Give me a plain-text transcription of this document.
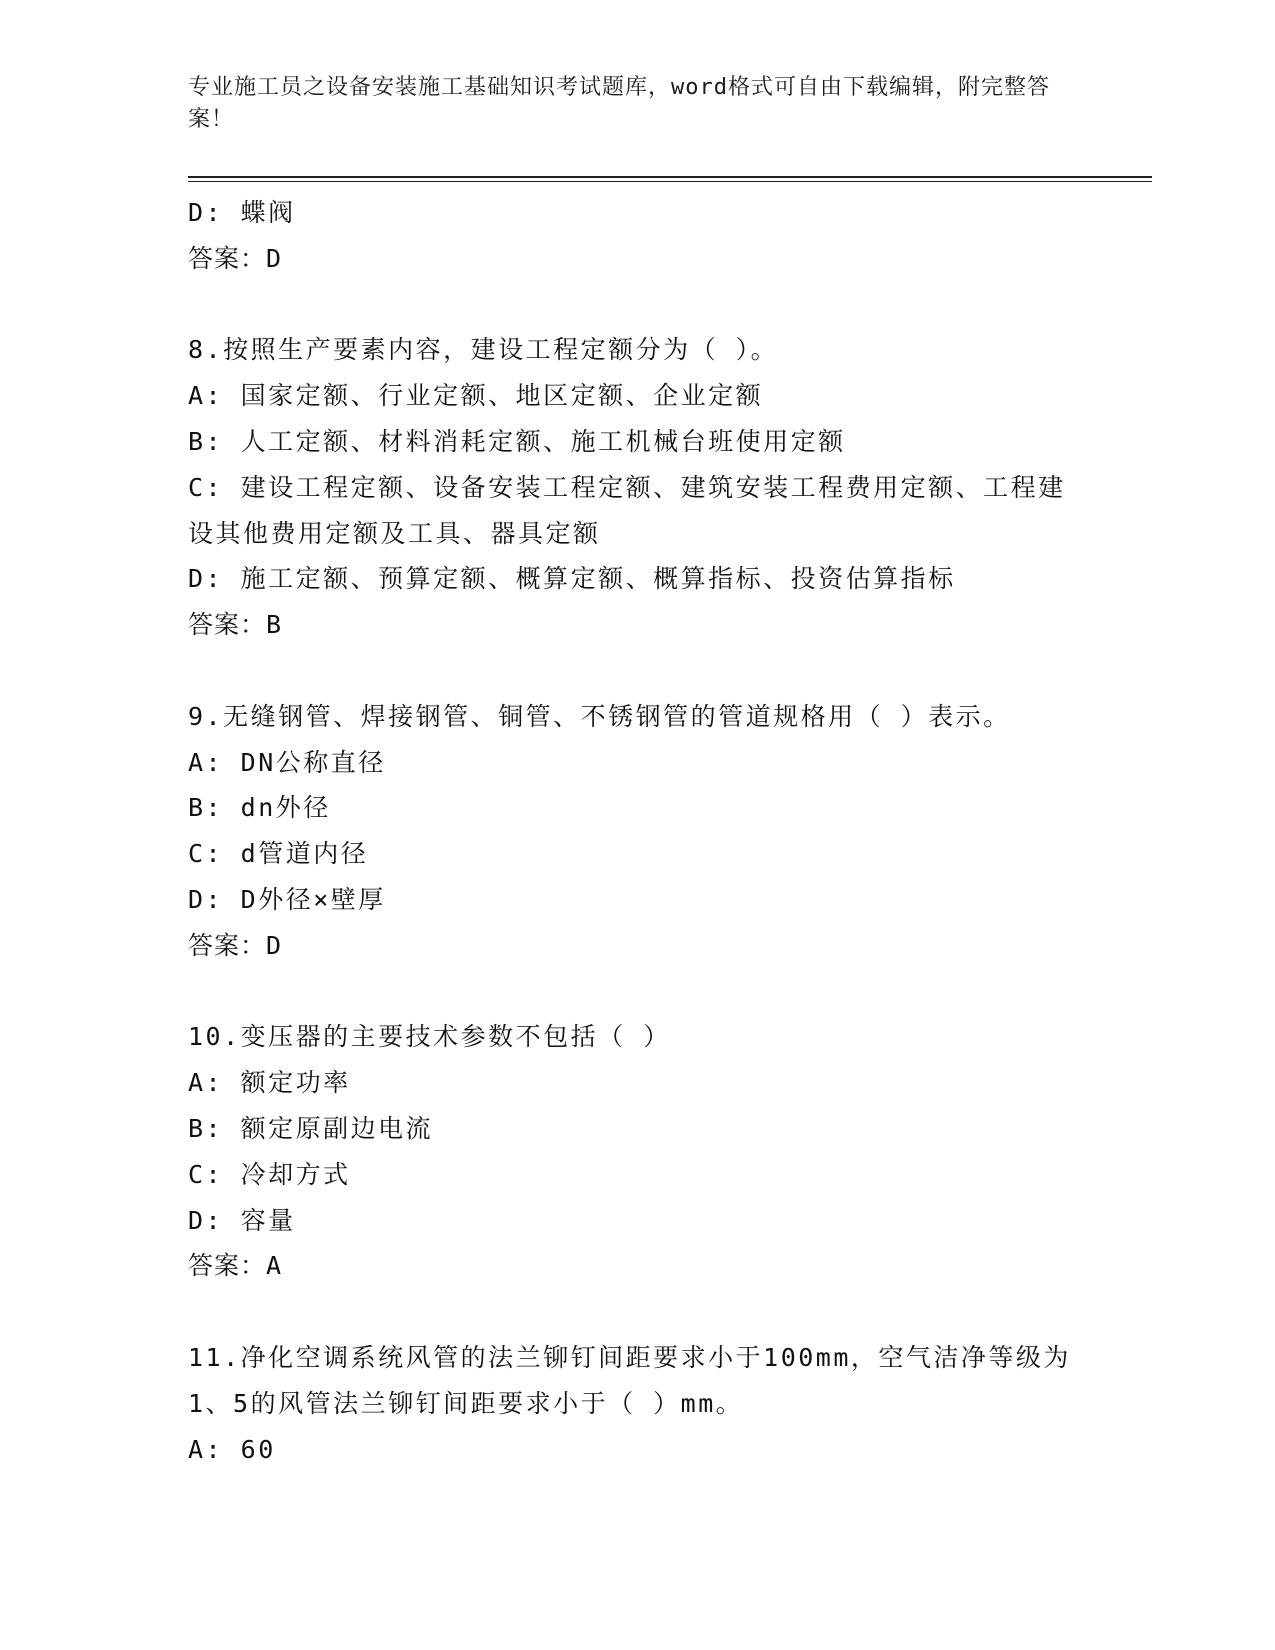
专业施工员之设备安装施工基础知识考试题库，word格式可自由下载编辑，附完整答案！
D: 蝶阀
答案：D
8.按照生产要素内容，建设工程定额分为（ ）。
A: 国家定额、行业定额、地区定额、企业定额
B: 人工定额、材料消耗定额、施工机械台班使用定额
C: 建设工程定额、设备安装工程定额、建筑安装工程费用定额、工程建设其他费用定额及工具、器具定额
D: 施工定额、预算定额、概算定额、概算指标、投资估算指标
答案：B
9.无缝钢管、焊接钢管、铜管、不锈钢管的管道规格用（ ）表示。
A: DN公称直径
B: dn外径
C: d管道内径
D: D外径×壁厚
答案：D
10.变压器的主要技术参数不包括（ ）
A: 额定功率
B: 额定原副边电流
C: 冷却方式
D: 容量
答案：A
11.净化空调系统风管的法兰铆钉间距要求小于100mm，空气洁净等级为1、5的风管法兰铆钉间距要求小于（ ）mm。
A: 60
